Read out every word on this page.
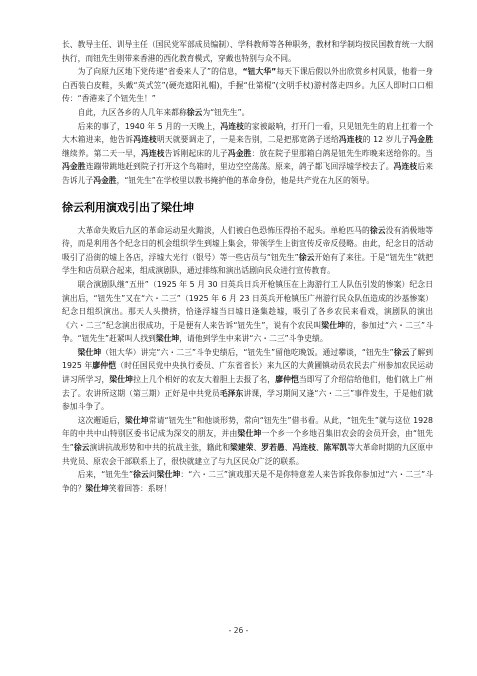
长、教导主任、训导主任（国民党军部成员编制）、学科教师等各种职务，教材和学制均按民国教育统一大纲执行，而钮先生则带来香港的西化教育模式，穿戴也特别与众不同。

为了向原九区地下党传递“省委来人了”的信息，“钮大华”每天下课后假以外出欣赏乡村风景，他着一身白西装白皮鞋，头戴“英式笠”(硬壳遮阳礼帽)，手握“仕第棍”(文明手杖)游村落走四乡。九区人即时口口相传：“香港来了个钮先生！”

自此，九区各乡的人几年来都称徐云为“钮先生”。

后来的事了，1940 年 5 月的一天晚上，冯连枝的家被敲响，打开门一看，只见钮先生的肩上扛着一个大木箱进来，他告诉冯连枝明天就要调走了，一是来告别，二是把那宽鸽子送给冯连枝的 12 岁儿子冯金胜继续养。第二天一早，冯连枝告诉刚起床的儿子冯金胜：放在院子里那箱白鸽是钮先生昨晚来送给你的。当冯金胜连蹦带跳地赶到院子打开这个鸟箱时，里边空空荡荡。原来，鸽子都飞回浮墟学校去了。冯连枝后来告诉儿子冯金胜，“钮先生”在学校里以教书掩护他的革命身份，他是共产党在九区的领导。

徐云利用演戏引出了梁仕坤

大革命失败后九区的革命运动星火黯淡，人们被白色恐怖压得抬不起头。单枪匹马的徐云没有消极地等待，而是利用各个纪念日的机会组织学生到墟上集会，带领学生上街宣传反帝反侵略。由此，纪念日的活动吸引了沿街的墟上各店，浮墟大光行（银号）等一些店员与“钮先生”徐云开始有了来往。于是“钮先生”就把学生和店员联合起来，组成演剧队，通过排练和演出话剧向民众进行宣传教育。

联合演剧队继“五卅”（1925 年 5 月 30 日英兵日兵开枪镇压在上海游行工人队伍引发的惨案）纪念日演出后，“钮先生”又在“六・二三”（1925 年 6 月 23 日英兵开枪镇压广州游行民众队伍造成的沙基惨案）纪念日组织演出。那天人头攒挤，恰逢浮墟当日墟日逢集趁墟，吸引了各乡农民来看戏，演剧队的演出《六・二三”纪念演出很成功，于是便有人来告诉“钮先生”，说有个农民叫梁仕坤的，参加过“六・二三”斗争。“钮先生”赶紧叫人找到梁仕坤，请他到学生中来讲“六・二三”斗争史绩。

梁仕坤（钮大华）讲完“六・二三”斗争史绩后，“钮先生”留他吃晚饭。通过攀谈，“钮先生”徐云了解到 1925 年廖仲恺（时任国民党中央执行委员、广东省省长）来九区的大黄圃镇动员农民去广州参加农民运动讲习所学习，梁仕坤拉上几个相好的农友大着胆上去报了名，廖仲恺当即写了介绍信给他们，他们就上广州去了。农讲所这期（第三期）正好是中共党员毛泽东讲课，学习期间又逢“六・二三”事件发生，于是他们就参加斗争了。

这次邂逅后，梁仕坤常请“钮先生”和他谈形势，常向“钮先生”借书看。从此，“钮先生”就与这位 1928 年的中共中山特别区委书记成为深交的朋友，并由梁仕坤一个乡一个乡地召集旧农会的会员开会，由“钮先生”徐云演讲抗战形势和中共的抗战主张，籍此和梁建荣、罗若愚、冯连枝、陈军凯等大革命时期的九区原中共党员、原农会干部联系上了，很快就建立了与九区民众广泛的联系。

后来，“钮先生”徐云问梁仕坤：“六・二三”演戏那天是不是你特意差人来告诉我你参加过“六・二三”斗争的？梁仕坤笑着回答：系呀！

- 26 -
